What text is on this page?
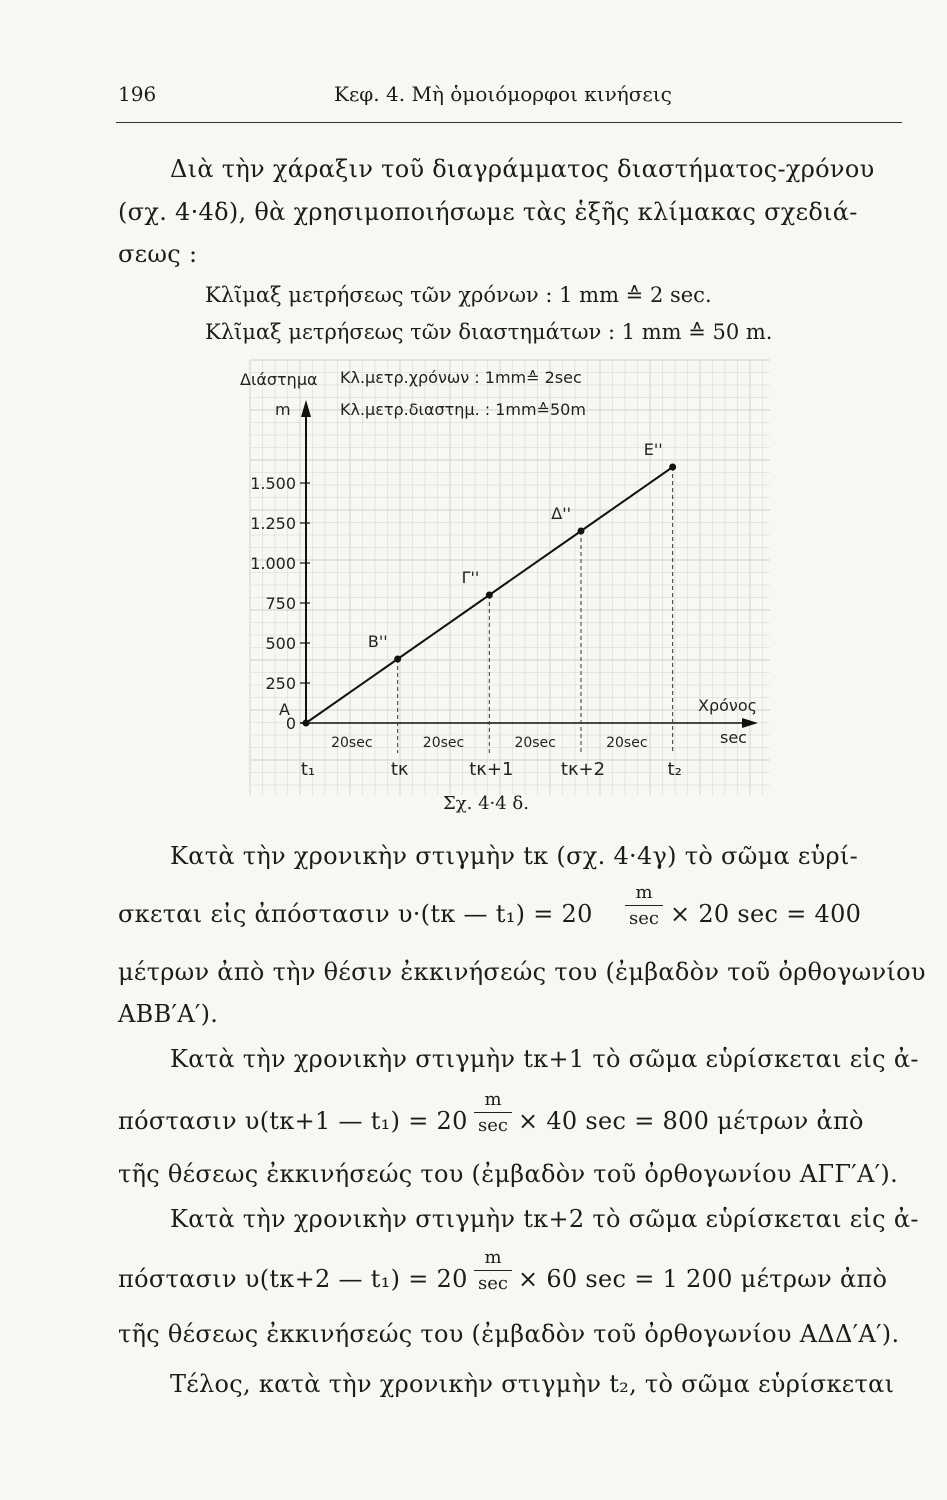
196	Κεφ. 4. Μὴ ὁμοιόμορφοι κινήσεις
Διὰ τὴν χάραξιν τοῦ διαγράμματος διαστήματος-χρόνου
(σχ. 4·4δ), θὰ χρησιμοποιήσωμε τὰς ἑξῆς κλίμακας σχεδιά-
σεως :
Κλῖμαξ μετρήσεως τῶν χρόνων : 1 mm ≙ 2 sec.
Κλῖμαξ μετρήσεως τῶν διαστημάτων : 1 mm ≙ 50 m.
0
250
500
750
1.000
1.250
1.500
A
t₁
B''
tκ
Γ''
tκ+1
Δ''
tκ+2
E''
t₂
20sec	20sec	20sec	20sec
Διάστημα
m
Κλ.μετρ.χρόνων : 1mm≙ 2sec
Κλ.μετρ.διαστημ. : 1mm≙50m
Χρόνος
sec
Σχ. 4·4 δ.
Κατὰ τὴν χρονικὴν στιγμὴν tκ (σχ. 4·4γ) τὸ σῶμα εὑρί-
σκεται εἰς ἀπόστασιν υ·(tκ — t₁) = 20
m
sec × 20 sec = 400
μέτρων ἀπὸ τὴν θέσιν ἐκκινήσεώς του (ἐμβαδὸν τοῦ ὀρθογωνίου
ABB′A′).
Κατὰ τὴν χρονικὴν στιγμὴν tκ+1 τὸ σῶμα εὑρίσκεται εἰς ἀ-
πόστασιν υ(tκ+1 — t₁) = 20
m
sec × 40 sec = 800 μέτρων ἀπὸ
τῆς θέσεως ἐκκινήσεώς του (ἐμβαδὸν τοῦ ὀρθογωνίου ΑΓΓ′Α′).
Κατὰ τὴν χρονικὴν στιγμὴν tκ+2 τὸ σῶμα εὑρίσκεται εἰς ἀ-
πόστασιν υ(tκ+2 — t₁) = 20
m
sec × 60 sec = 1 200 μέτρων ἀπὸ
τῆς θέσεως ἐκκινήσεώς του (ἐμβαδὸν τοῦ ὀρθογωνίου ΑΔΔ′Α′).
Τέλος, κατὰ τὴν χρονικὴν στιγμὴν t₂, τὸ σῶμα εὑρίσκεται
